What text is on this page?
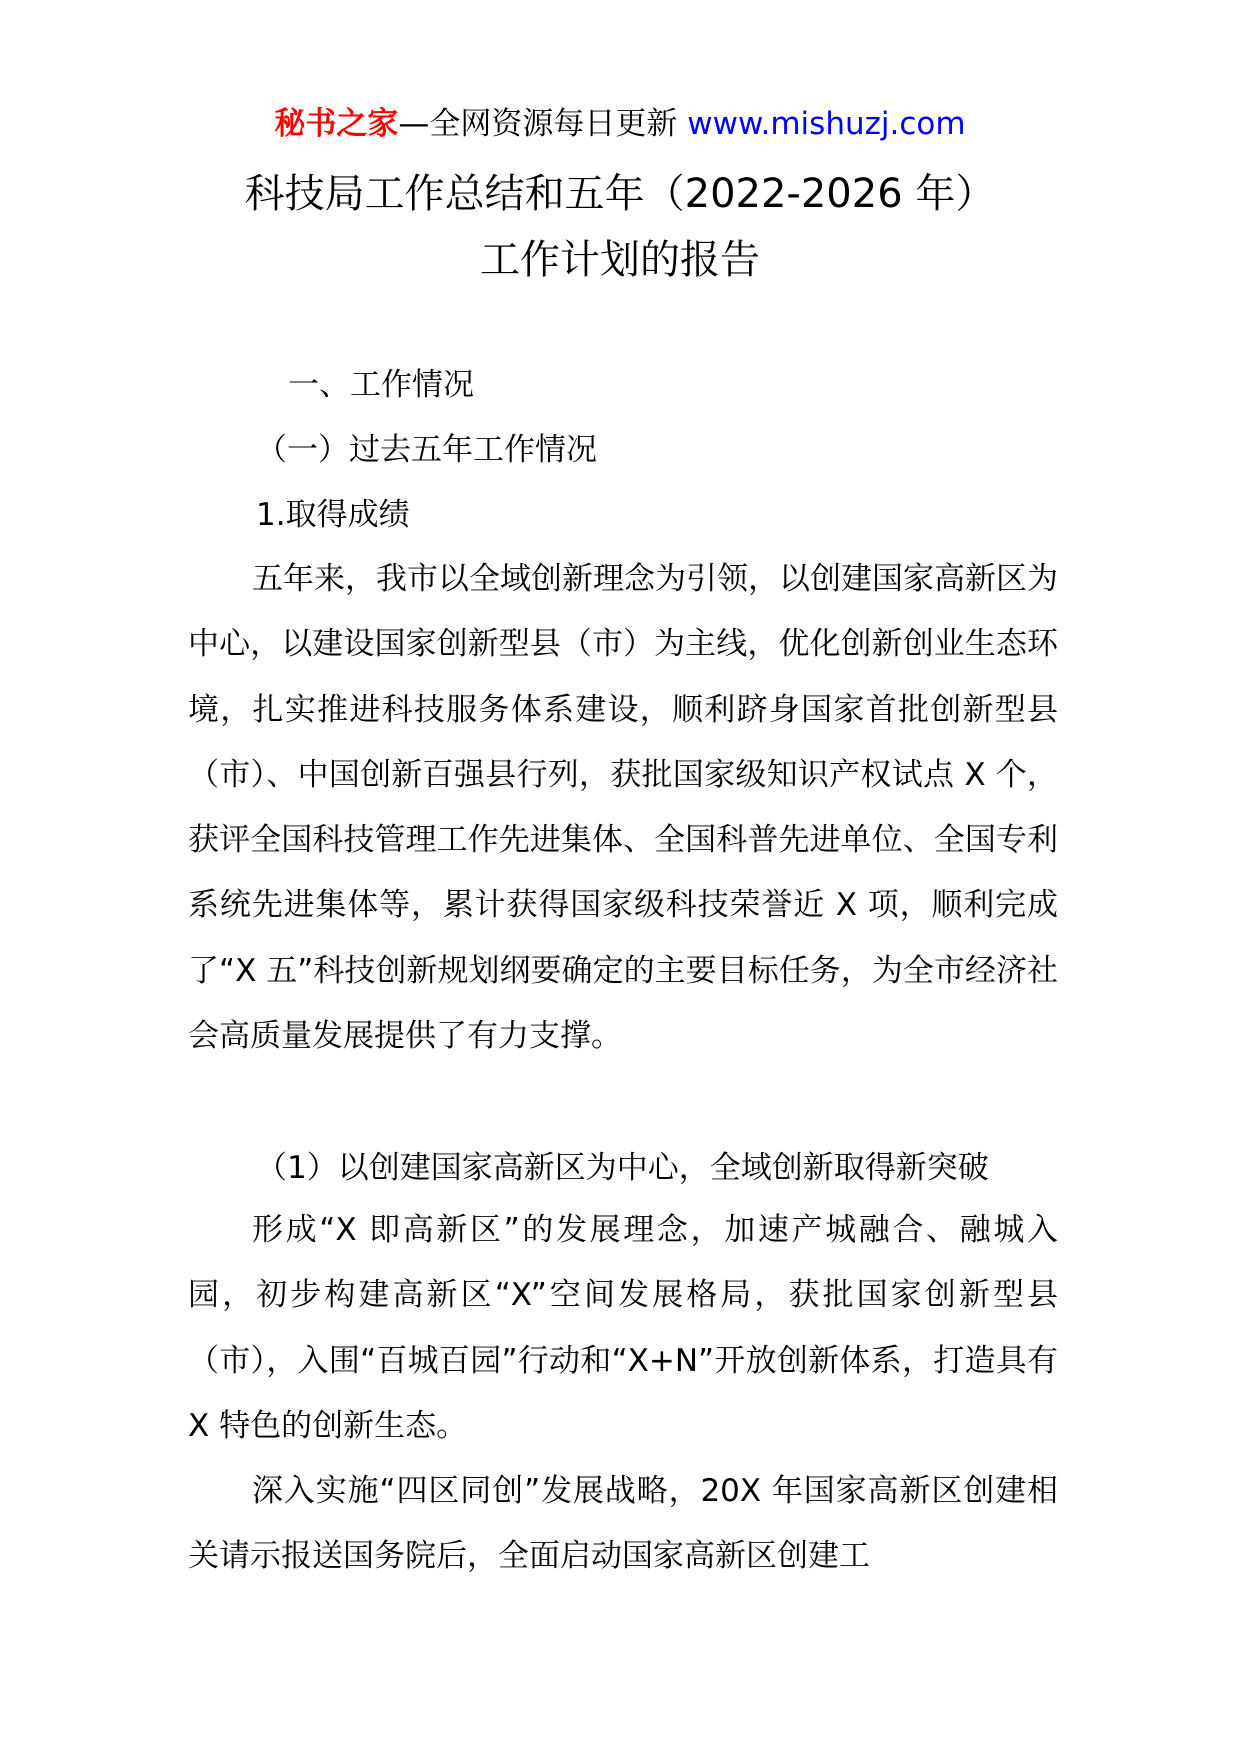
秘书之家—全网资源每日更新 www.mishuzj.com
科技局工作总结和五年（2022-2026 年）
工作计划的报告
一、工作情况
（一）过去五年工作情况
1.取得成绩
五年来，我市以全域创新理念为引领，以创建国家高新区为中心，以建设国家创新型县（市）为主线，优化创新创业生态环境，扎实推进科技服务体系建设，顺利跻身国家首批创新型县（市）、中国创新百强县行列，获批国家级知识产权试点 X 个，获评全国科技管理工作先进集体、全国科普先进单位、全国专利系统先进集体等，累计获得国家级科技荣誉近 X 项，顺利完成了“X 五”科技创新规划纲要确定的主要目标任务，为全市经济社会高质量发展提供了有力支撑。
（1）以创建国家高新区为中心，全域创新取得新突破
形成“X 即高新区”的发展理念，加速产城融合、融城入园，初步构建高新区“X”空间发展格局，获批国家创新型县（市），入围“百城百园”行动和“X+N”开放创新体系，打造具有 X 特色的创新生态。
深入实施“四区同创”发展战略，20X 年国家高新区创建相关请示报送国务院后，全面启动国家高新区创建工
